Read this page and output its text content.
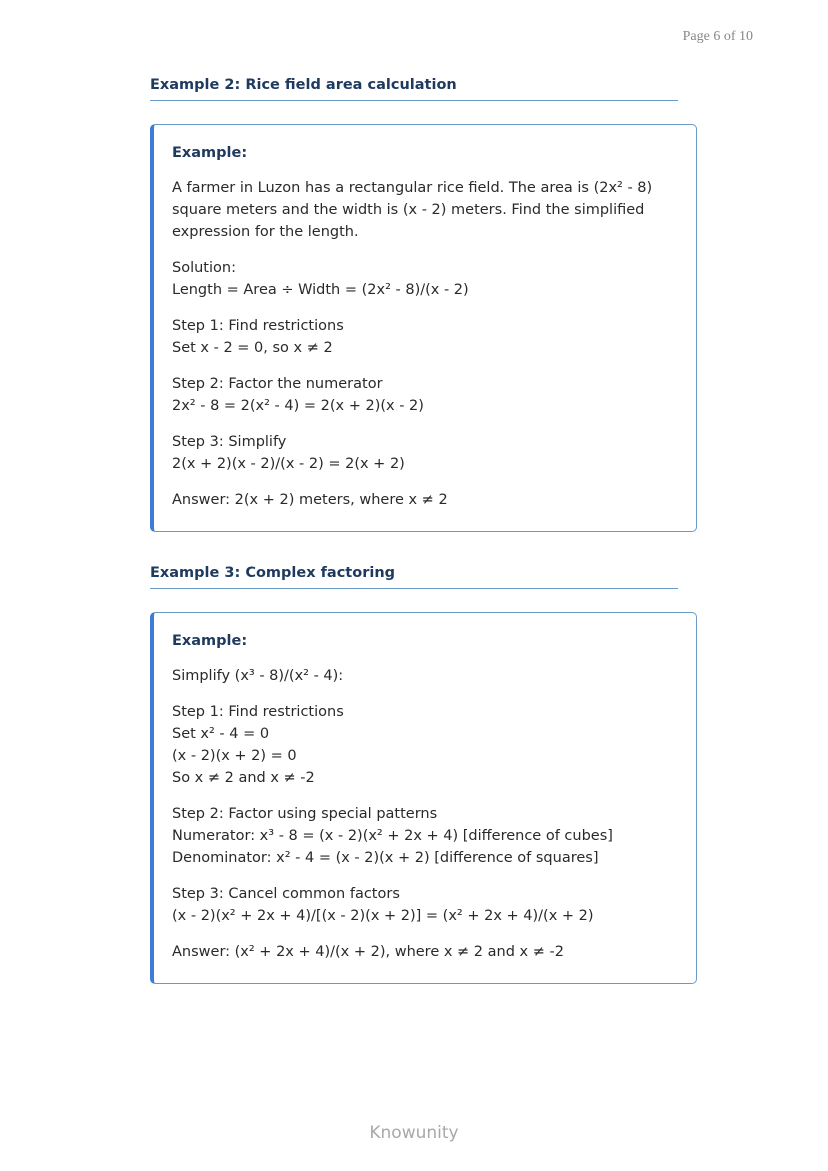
Page 6 of 10
Example 2: Rice field area calculation
Example:
A farmer in Luzon has a rectangular rice field. The area is (2x² - 8)
square meters and the width is (x - 2) meters. Find the simplified
expression for the length.
Solution:
Length = Area ÷ Width = (2x² - 8)/(x - 2)
Step 1: Find restrictions
Set x - 2 = 0, so x ≠ 2
Step 2: Factor the numerator
2x² - 8 = 2(x² - 4) = 2(x + 2)(x - 2)
Step 3: Simplify
2(x + 2)(x - 2)/(x - 2) = 2(x + 2)
Answer: 2(x + 2) meters, where x ≠ 2
Example 3: Complex factoring
Example:
Simplify (x³ - 8)/(x² - 4):
Step 1: Find restrictions
Set x² - 4 = 0
(x - 2)(x + 2) = 0
So x ≠ 2 and x ≠ -2
Step 2: Factor using special patterns
Numerator: x³ - 8 = (x - 2)(x² + 2x + 4) [difference of cubes]
Denominator: x² - 4 = (x - 2)(x + 2) [difference of squares]
Step 3: Cancel common factors
(x - 2)(x² + 2x + 4)/[(x - 2)(x + 2)] = (x² + 2x + 4)/(x + 2)
Answer: (x² + 2x + 4)/(x + 2), where x ≠ 2 and x ≠ -2
Knowunity
